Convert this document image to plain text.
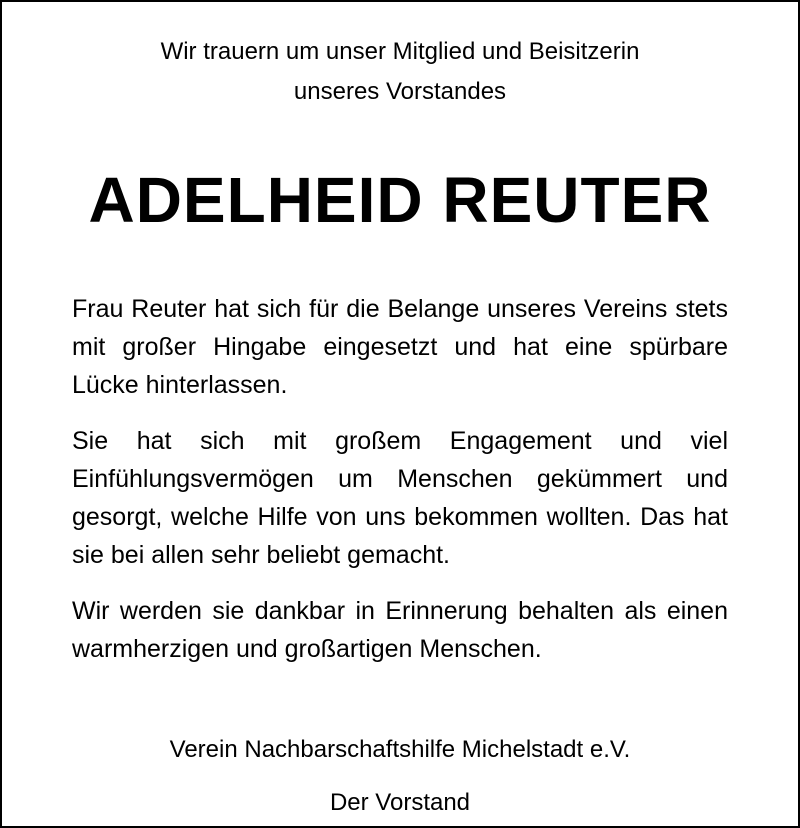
Wir trauern um unser Mitglied und Beisitzerin
unseres Vorstandes

ADELHEID REUTER

Frau Reuter hat sich für die Belange unseres Vereins stets mit großer Hingabe eingesetzt und hat eine spürbare Lücke hinterlassen.

Sie hat sich mit großem Engagement und viel Einfühlungsvermögen um Menschen gekümmert und gesorgt, welche Hilfe von uns bekommen wollten. Das hat sie bei allen sehr beliebt gemacht.

Wir werden sie dankbar in Erinnerung behalten als einen warmherzigen und großartigen Menschen.

Verein Nachbarschaftshilfe Michelstadt e.V.

Der Vorstand
